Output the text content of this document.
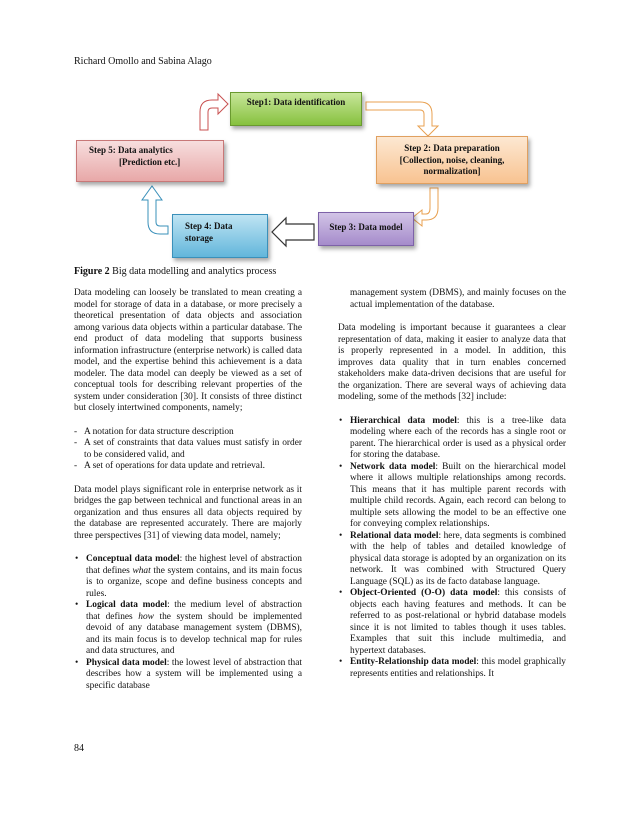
Richard Omollo and Sabina Alago
Step1: Data identification
Step 2: Data preparation
[Collection, noise, cleaning,
normalization]
Step 3: Data model
Step 4: Data
storage
Step 5: Data analytics
[Prediction etc.]
Figure 2 Big data modelling and analytics process

Data modeling can loosely be translated to mean creating a model for storage of data in a database, or more precisely a theoretical presentation of data objects and association among various data objects within a particular database. The end product of data modeling that supports business information infrastructure (enterprise network) is called data model, and the expertise behind this achievement is a data modeler. The data model can deeply be viewed as a set of conceptual tools for describing relevant properties of the system under consideration [30]. It consists of three distinct but closely intertwined components, namely;

- A notation for data structure description
- A set of constraints that data values must satisfy in order to be considered valid, and
- A set of operations for data update and retrieval.

Data model plays significant role in enterprise network as it bridges the gap between technical and functional areas in an organization and thus ensures all data objects required by the database are represented accurately. There are majorly three perspectives [31] of viewing data model, namely;

• Conceptual data model: the highest level of abstraction that defines what the system contains, and its main focus is to organize, scope and define business concepts and rules.
• Logical data model: the medium level of abstraction that defines how the system should be implemented devoid of any database management system (DBMS), and its main focus is to develop technical map for rules and data structures, and
• Physical data model: the lowest level of abstraction that describes how a system will be implemented using a specific database

management system (DBMS), and mainly focuses on the actual implementation of the database.

Data modeling is important because it guarantees a clear representation of data, making it easier to analyze data that is properly represented in a model. In addition, this improves data quality that in turn enables concerned stakeholders make data-driven decisions that are useful for the organization. There are several ways of achieving data modeling, some of the methods [32] include:

• Hierarchical data model: this is a tree-like data modeling where each of the records has a single root or parent. The hierarchical order is used as a physical order for storing the database.
• Network data model: Built on the hierarchical model where it allows multiple relationships among records. This means that it has multiple parent records with multiple child records. Again, each record can belong to multiple sets allowing the model to be an effective one for conveying complex relationships.
• Relational data model: here, data segments is combined with the help of tables and detailed knowledge of physical data storage is adopted by an organization on its network. It was combined with Structured Query Language (SQL) as its de facto database language.
• Object-Oriented (O-O) data model: this consists of objects each having features and methods. It can be referred to as post-relational or hybrid database models since it is not limited to tables though it uses tables. Examples that suit this include multimedia, and hypertext databases.
• Entity-Relationship data model: this model graphically represents entities and relationships. It
84
